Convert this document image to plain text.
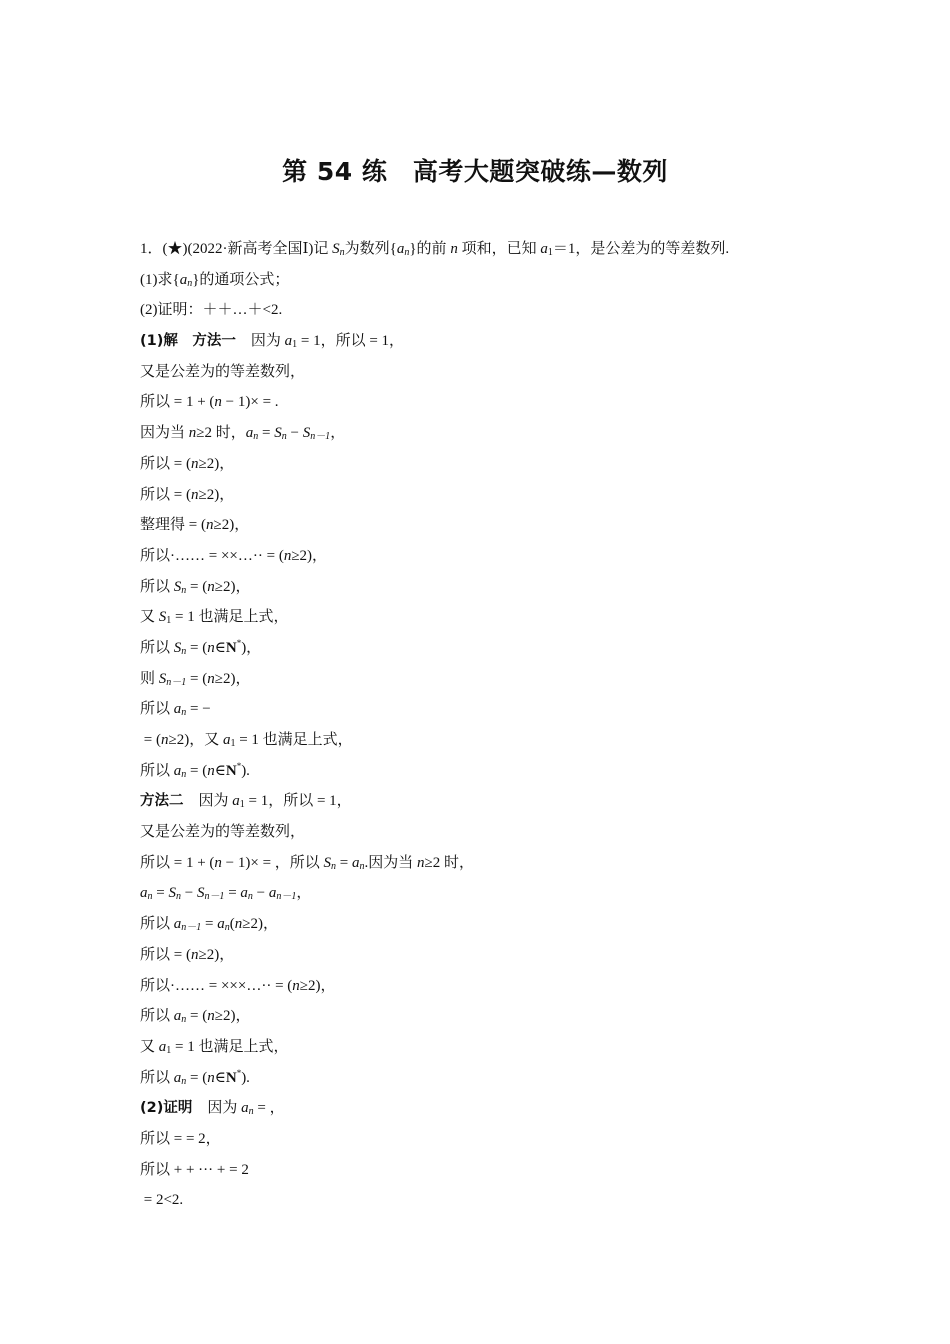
第 54 练　高考大题突破练—数列
1．(★)(2022·新高考全国Ⅰ)记 $S_n$为数列$\{a_n\}$的前 n 项和，已知 $a_1=1$，是公差为的等差数列.
(1)求$\{a_n\}$的通项公式；
(2)证明：＋＋…＋<2.
(1)解　方法一　因为 $a_1 = 1$，所以 = 1，
又是公差为的等差数列，
所以 = 1 + (n − 1)× = .
因为当 n≥2 时，$a_n = S_n - S_{n-1}$，
所以 = (n≥2)，
所以 = (n≥2)，
整理得 = (n≥2)，
所以·…… = ××…·· = (n≥2)，
所以 $S_n = (n\ge 2)$，
又 $S_1 = 1$ 也满足上式，
所以 $S_n$ = (n∈N*)，
则 $S_{n-1} = (n\ge 2)$，
所以 $a_n$ = −
= (n≥2)，又 $a_1 = 1$ 也满足上式，
所以 $a_n$ = (n∈N*).
方法二　因为 $a_1 = 1$，所以 = 1，
又是公差为的等差数列，
所以 = 1 + (n − 1)× = ，所以 $S_n = a_n$.因为当 n≥2 时，
$a_n = S_n - S_{n-1} = a_n - a_{n-1}$，
所以 $a_{n-1} = a_n(n\ge 2)$，
所以 = (n≥2)，
所以·…… = ×××…·· = (n≥2)，
所以 $a_n = (n\ge 2)$，
又 $a_1 = 1$ 也满足上式，
所以 $a_n$ = (n∈N*).
(2)证明　因为 $a_n$ = ，
所以 = = 2，
所以 + + ··· + = 2
= 2<2.
